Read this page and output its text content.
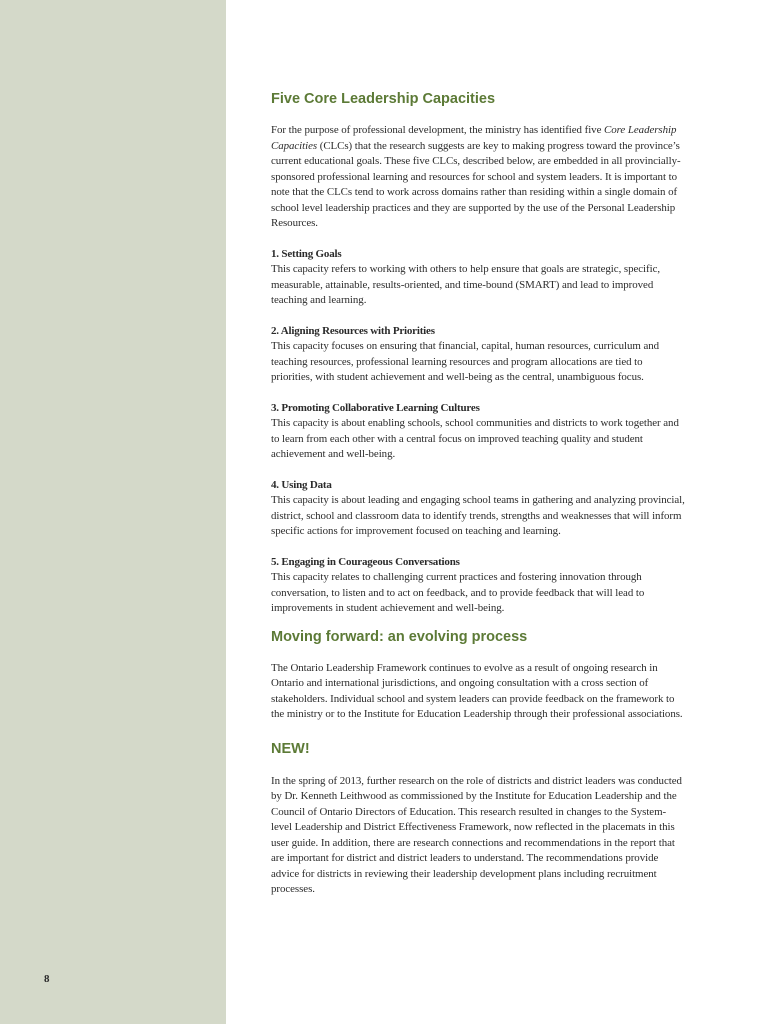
8
Five Core Leadership Capacities

For the purpose of professional development, the ministry has identified five Core Leadership Capacities (CLCs) that the research suggests are key to making progress toward the province’s current educational goals. These five CLCs, described below, are embedded in all provincially-sponsored professional learning and resources for school and system leaders. It is important to note that the CLCs tend to work across domains rather than residing within a single domain of school level leadership practices and they are supported by the use of the Personal Leadership Resources.

1. Setting Goals

This capacity refers to working with others to help ensure that goals are strategic, specific, measurable, attainable, results-oriented, and time-bound (SMART) and lead to improved teaching and learning.

2. Aligning Resources with Priorities

This capacity focuses on ensuring that financial, capital, human resources, curriculum and teaching resources, professional learning resources and program allocations are tied to priorities, with student achievement and well-being as the central, unambiguous focus.

3. Promoting Collaborative Learning Cultures

This capacity is about enabling schools, school communities and districts to work together and to learn from each other with a central focus on improved teaching quality and student achievement and well-being.

4. Using Data

This capacity is about leading and engaging school teams in gathering and analyzing provincial, district, school and classroom data to identify trends, strengths and weaknesses that will inform specific actions for improvement focused on teaching and learning.

5. Engaging in Courageous Conversations

This capacity relates to challenging current practices and fostering innovation through conversation, to listen and to act on feedback, and to provide feedback that will lead to improvements in student achievement and well-being.

Moving forward: an evolving process

The Ontario Leadership Framework continues to evolve as a result of ongoing research in Ontario and international jurisdictions, and ongoing consultation with a cross section of stakeholders. Individual school and system leaders can provide feedback on the framework to the ministry or to the Institute for Education Leadership through their professional associations.

NEW!

In the spring of 2013, further research on the role of districts and district leaders was conducted by Dr. Kenneth Leithwood as commissioned by the Institute for Education Leadership and the Council of Ontario Directors of Education. This research resulted in changes to the System-level Leadership and District Effectiveness Framework, now reflected in the placemats in this user guide. In addition, there are research connections and recommendations in the report that are important for district and district leaders to understand. The recommendations provide advice for districts in reviewing their leadership development plans including recruitment processes.
